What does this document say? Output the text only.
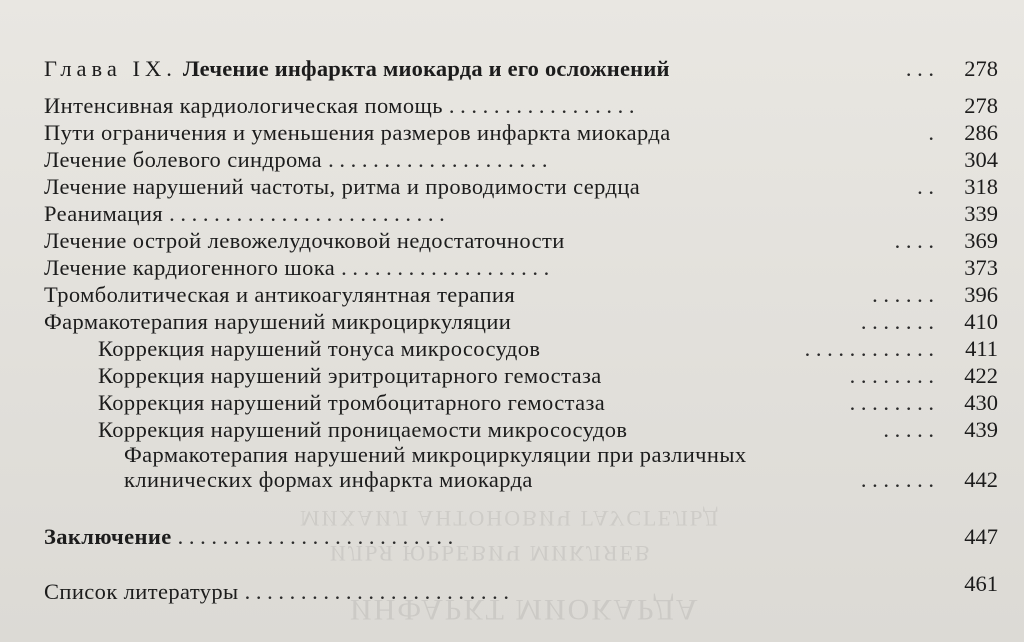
МИХАИЛ АНТОНОВИЧ ГАУСГЕЛЬД
ИЛЬЯ ЮРЬЕВИЧ МИКЛЯЕВ
ИНФАРКТ МИОКАРДА
Глава IX. Лечение инфаркта миокарда и его осложнений	. . .	278
Интенсивная кардиологическая помощь . . . . . . . . . . . . . . . . .	278
Пути ограничения и уменьшения размеров инфаркта миокарда	.	286
Лечение болевого синдрома . . . . . . . . . . . . . . . . . . . .	304
Лечение нарушений частоты, ритма и проводимости сердца	. .	318
Реанимация . . . . . . . . . . . . . . . . . . . . . . . . .	339
Лечение острой левожелудочковой недостаточности	. . . .	369
Лечение кардиогенного шока . . . . . . . . . . . . . . . . . . .	373
Тромболитическая и антикоагулянтная терапия	. . . . . .	396
Фармакотерапия нарушений микроциркуляции	. . . . . . .	410
Коррекция нарушений тонуса микрососудов	. . . . . . . . . . . .	411
Коррекция нарушений эритроцитарного гемостаза	. . . . . . . .	422
Коррекция нарушений тромбоцитарного гемостаза	. . . . . . . .	430
Коррекция нарушений проницаемости микрососудов	. . . . .	439
Фармакотерапия нарушений микроциркуляции при различных
клинических формах инфаркта миокарда	. . . . . . .	442
Заключение . . . . . . . . . . . . . . . . . . . . . . . . .	447
Список литературы . . . . . . . . . . . . . . . . . . . . . . . .	461
